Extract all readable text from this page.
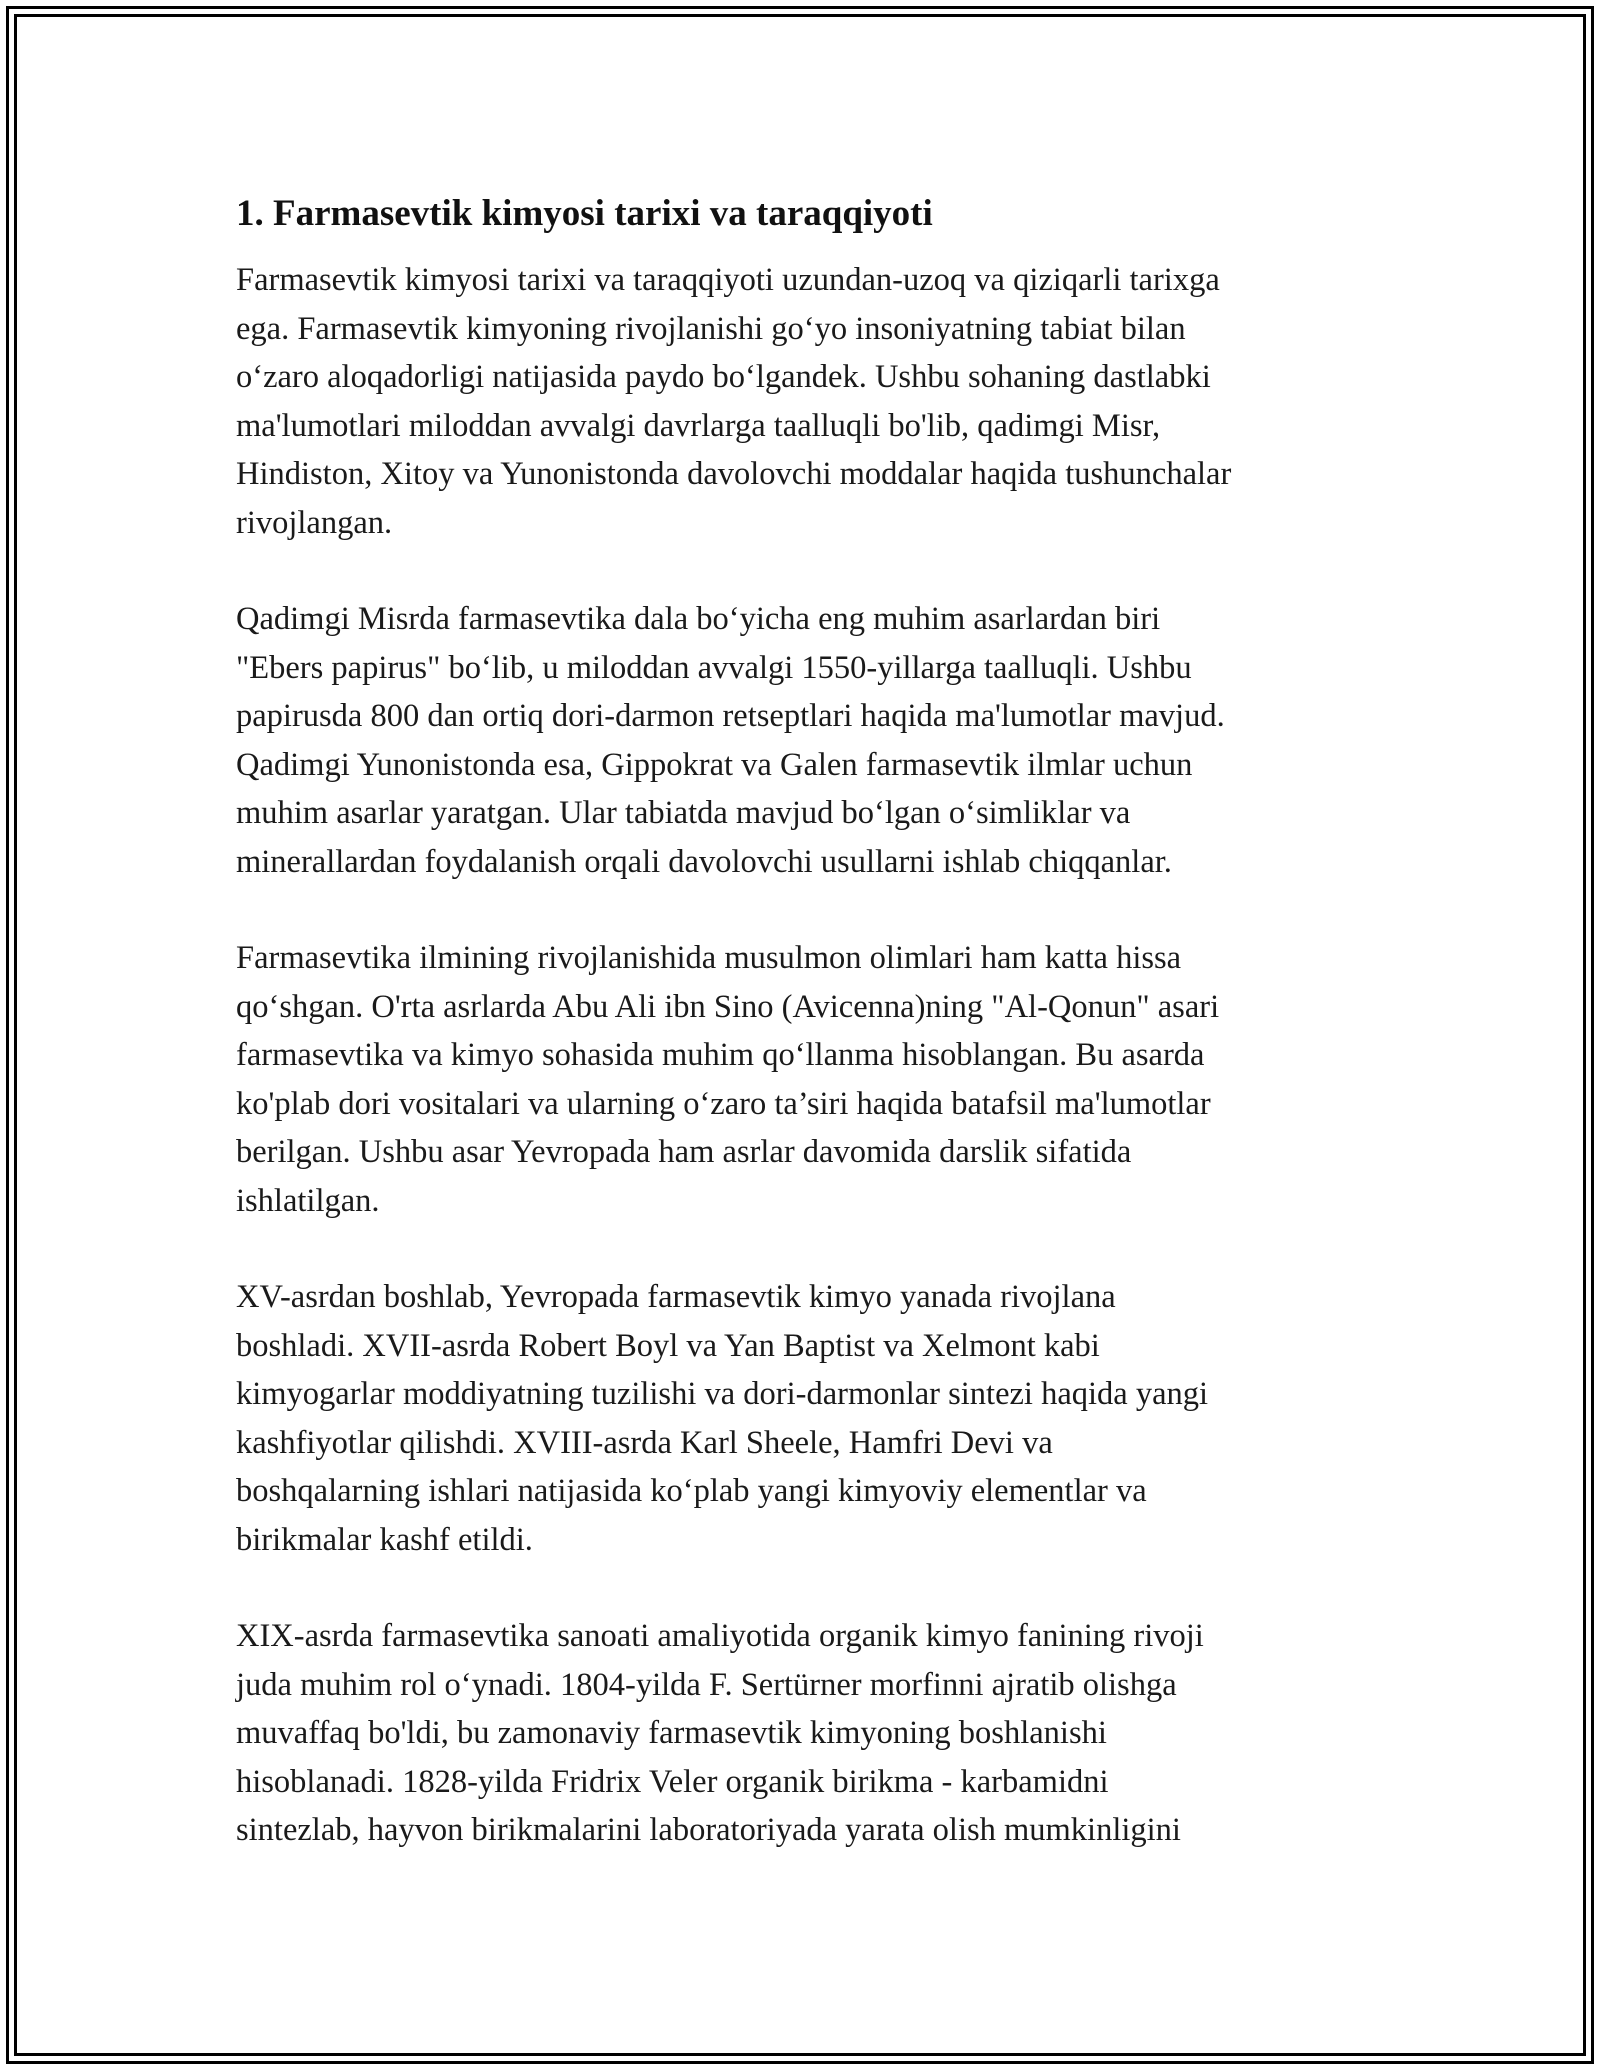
1. Farmasevtik kimyosi tarixi va taraqqiyoti
Farmasevtik kimyosi tarixi va taraqqiyoti uzundan-uzoq va qiziqarli tarixga
ega. Farmasevtik kimyoning rivojlanishi go‘yo insoniyatning tabiat bilan
o‘zaro aloqadorligi natijasida paydo bo‘lgandek. Ushbu sohaning dastlabki
ma'lumotlari miloddan avvalgi davrlarga taalluqli bo'lib, qadimgi Misr,
Hindiston, Xitoy va Yunonistonda davolovchi moddalar haqida tushunchalar
rivojlangan.
Qadimgi Misrda farmasevtika dala bo‘yicha eng muhim asarlardan biri
"Ebers papirus" bo‘lib, u miloddan avvalgi 1550-yillarga taalluqli. Ushbu
papirusda 800 dan ortiq dori-darmon retseptlari haqida ma'lumotlar mavjud.
Qadimgi Yunonistonda esa, Gippokrat va Galen farmasevtik ilmlar uchun
muhim asarlar yaratgan. Ular tabiatda mavjud bo‘lgan o‘simliklar va
minerallardan foydalanish orqali davolovchi usullarni ishlab chiqqanlar.
Farmasevtika ilmining rivojlanishida musulmon olimlari ham katta hissa
qo‘shgan. O'rta asrlarda Abu Ali ibn Sino (Avicenna)ning "Al-Qonun" asari
farmasevtika va kimyo sohasida muhim qo‘llanma hisoblangan. Bu asarda
ko'plab dori vositalari va ularning o‘zaro ta’siri haqida batafsil ma'lumotlar
berilgan. Ushbu asar Yevropada ham asrlar davomida darslik sifatida
ishlatilgan.
XV-asrdan boshlab, Yevropada farmasevtik kimyo yanada rivojlana
boshladi. XVII-asrda Robert Boyl va Yan Baptist va Xelmont kabi
kimyogarlar moddiyatning tuzilishi va dori-darmonlar sintezi haqida yangi
kashfiyotlar qilishdi. XVIII-asrda Karl Sheele, Hamfri Devi va
boshqalarning ishlari natijasida ko‘plab yangi kimyoviy elementlar va
birikmalar kashf etildi.
XIX-asrda farmasevtika sanoati amaliyotida organik kimyo fanining rivoji
juda muhim rol o‘ynadi. 1804-yilda F. Sertürner morfinni ajratib olishga
muvaffaq bo'ldi, bu zamonaviy farmasevtik kimyoning boshlanishi
hisoblanadi. 1828-yilda Fridrix Veler organik birikma - karbamidni
sintezlab, hayvon birikmalarini laboratoriyada yarata olish mumkinligini
